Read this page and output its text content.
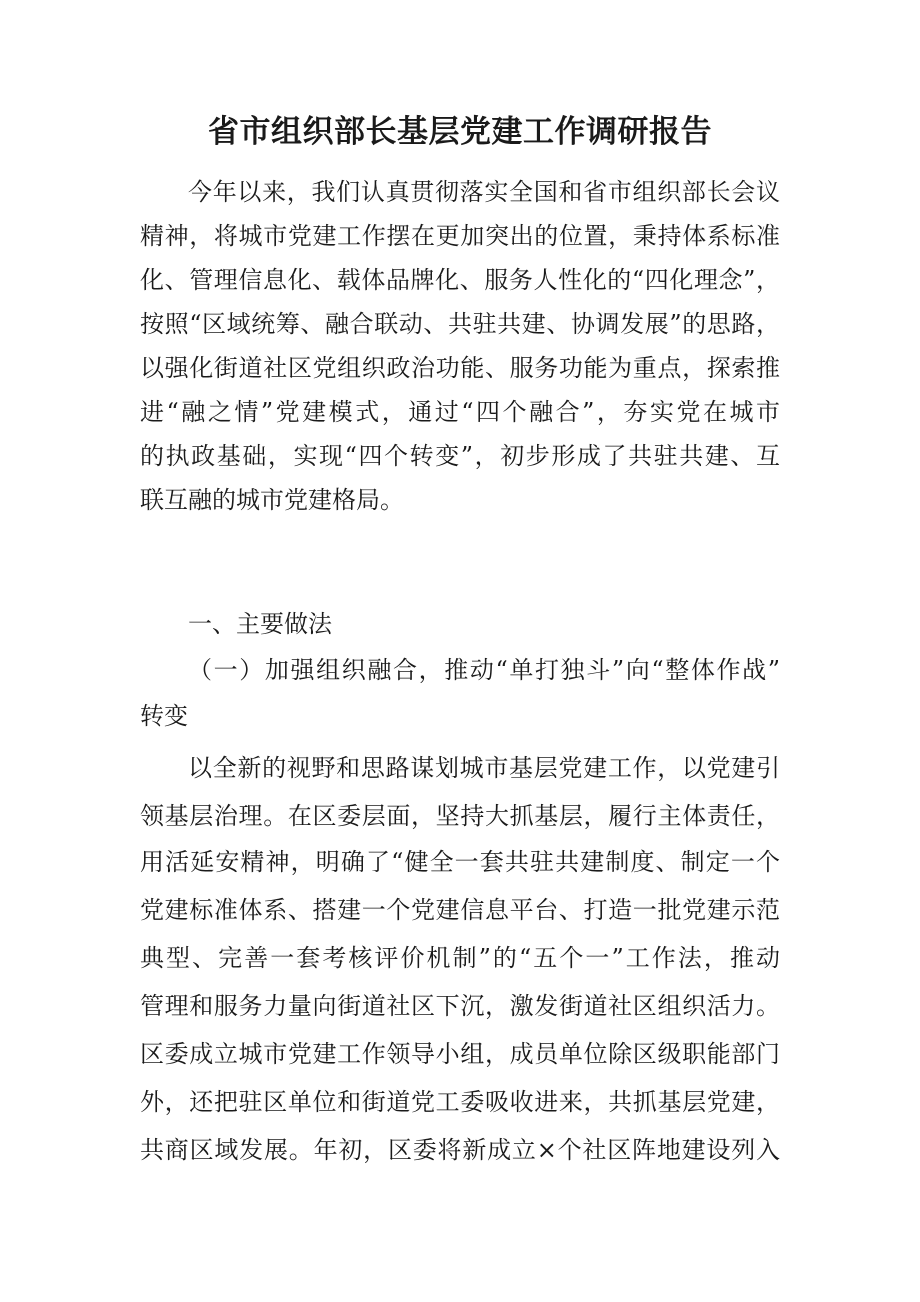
省市组织部长基层党建工作调研报告

今年以来，我们认真贯彻落实全国和省市组织部长会议

精神，将城市党建工作摆在更加突出的位置，秉持体系标准

化、管理信息化、载体品牌化、服务人性化的“四化理念”，

按照“区域统筹、融合联动、共驻共建、协调发展”的思路，

以强化街道社区党组织政治功能、服务功能为重点，探索推

进“融之情”党建模式，通过“四个融合”，夯实党在城市

的执政基础，实现“四个转变”，初步形成了共驻共建、互

联互融的城市党建格局。

一、主要做法

（一）加强组织融合，推动“单打独斗”向“整体作战”

转变

以全新的视野和思路谋划城市基层党建工作，以党建引

领基层治理。在区委层面，坚持大抓基层，履行主体责任，

用活延安精神，明确了“健全一套共驻共建制度、制定一个

党建标准体系、搭建一个党建信息平台、打造一批党建示范

典型、完善一套考核评价机制”的“五个一”工作法，推动

管理和服务力量向街道社区下沉，激发街道社区组织活力。

区委成立城市党建工作领导小组，成员单位除区级职能部门

外，还把驻区单位和街道党工委吸收进来，共抓基层党建，

共商区域发展。年初，区委将新成立×个社区阵地建设列入
